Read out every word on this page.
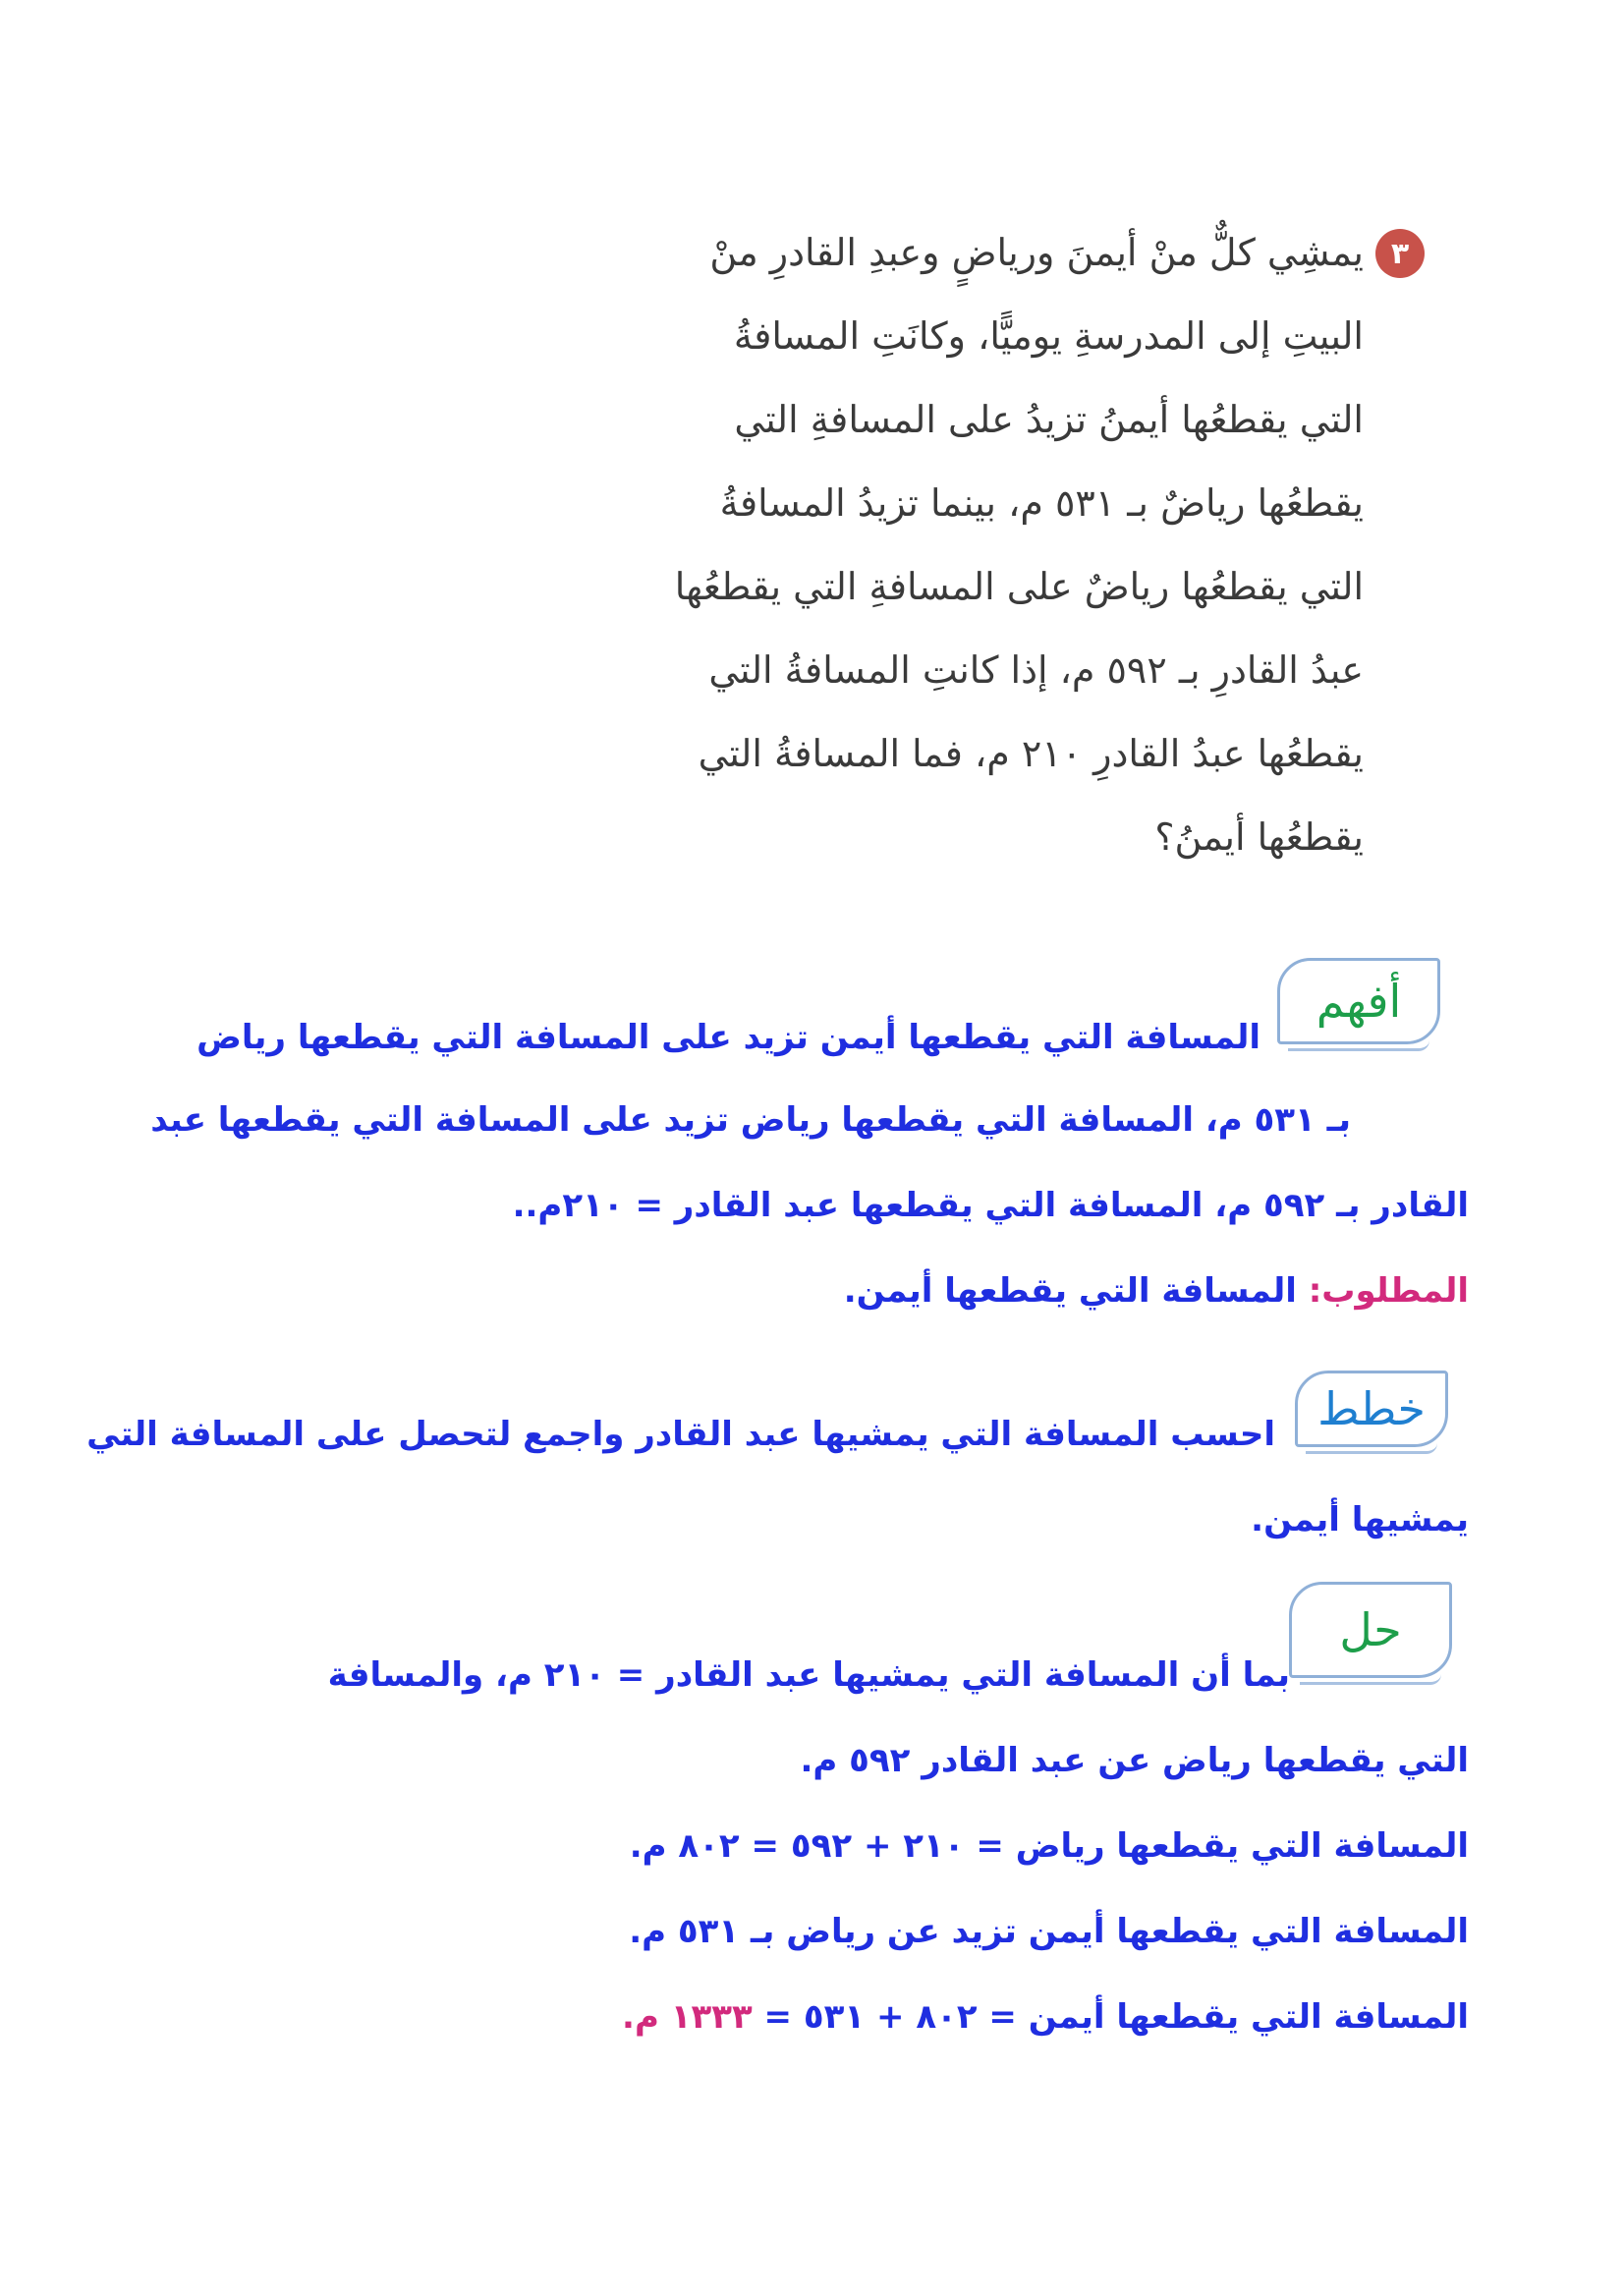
٣
يمشِي كلٌّ منْ أيمنَ ورياضٍ وعبدِ القادرِ منْ
البيتِ إلى المدرسةِ يوميًّا، وكانَتِ المسافةُ
التي يقطعُها أيمنُ تزيدُ على المسافةِ التي
يقطعُها رياضٌ بـ ٥٣١ م، بينما تزيدُ المسافةُ
التي يقطعُها رياضٌ على المسافةِ التي يقطعُها
عبدُ القادرِ بـ ٥٩٢ م، إذا كانتِ المسافةُ التي
يقطعُها عبدُ القادرِ ٢١٠ م، فما المسافةُ التي
يقطعُها أيمنُ؟
أفهم
المسافة التي يقطعها أيمن تزيد على المسافة التي يقطعها رياض
بـ ٥٣١ م، المسافة التي يقطعها رياض تزيد على المسافة التي يقطعها عبد
القادر بـ ٥٩٢ م، المسافة التي يقطعها عبد القادر = ٢١٠م..
المطلوب: المسافة التي يقطعها أيمن.
خطط
احسب المسافة التي يمشيها عبد القادر واجمع لتحصل على المسافة التي
يمشيها أيمن.
حل
بما أن المسافة التي يمشيها عبد القادر = ٢١٠ م، والمسافة
التي يقطعها رياض عن عبد القادر ٥٩٢ م.
المسافة التي يقطعها رياض = ٢١٠ + ٥٩٢ = ٨٠٢ م.
المسافة التي يقطعها أيمن تزيد عن رياض بـ ٥٣١ م.
المسافة التي يقطعها أيمن = ٨٠٢ + ٥٣١ = ١٣٣٣ م.
